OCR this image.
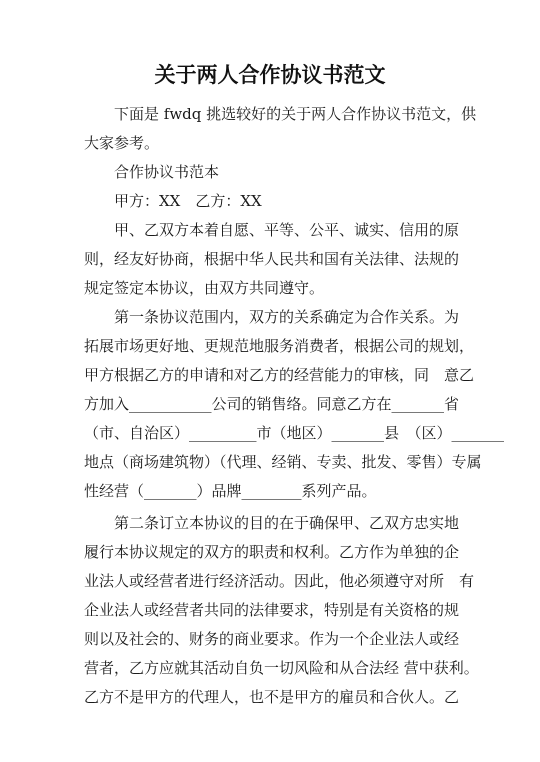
关于两人合作协议书范文
　　下面是 fwdq 挑选较好的关于两人合作协议书范文，供
大家参考。
　　合作协议书范本
　　甲方：XX　乙方：XX
　　甲、乙双方本着自愿、平等、公平、诚实、信用的原
则，经友好协商，根据中华人民共和国有关法律、法规的
规定签定本协议，由双方共同遵守。
　　第一条协议范围内，双方的关系确定为合作关系。为
拓展市场更好地、更规范地服务消费者，根据公司的规划，
甲方根据乙方的申请和对乙方的经营能力的审核，同　意乙
方加入___________公司的销售络。同意乙方在_______省
（市、自治区）_________市（地区）_______县　（区）_______
地点（商场建筑物）（代理、经销、专卖、批发、零售）专属
性经营（_______）品牌________系列产品。
　　第二条订立本协议的目的在于确保甲、乙双方忠实地
履行本协议规定的双方的职责和权利。乙方作为单独的企
业法人或经营者进行经济活动。因此，他必须遵守对所　有
企业法人或经营者共同的法律要求，特别是有关资格的规
则以及社会的、财务的商业要求。作为一个企业法人或经
营者，乙方应就其活动自负一切风险和从合法经 营中获利。
乙方不是甲方的代理人，也不是甲方的雇员和合伙人。乙
